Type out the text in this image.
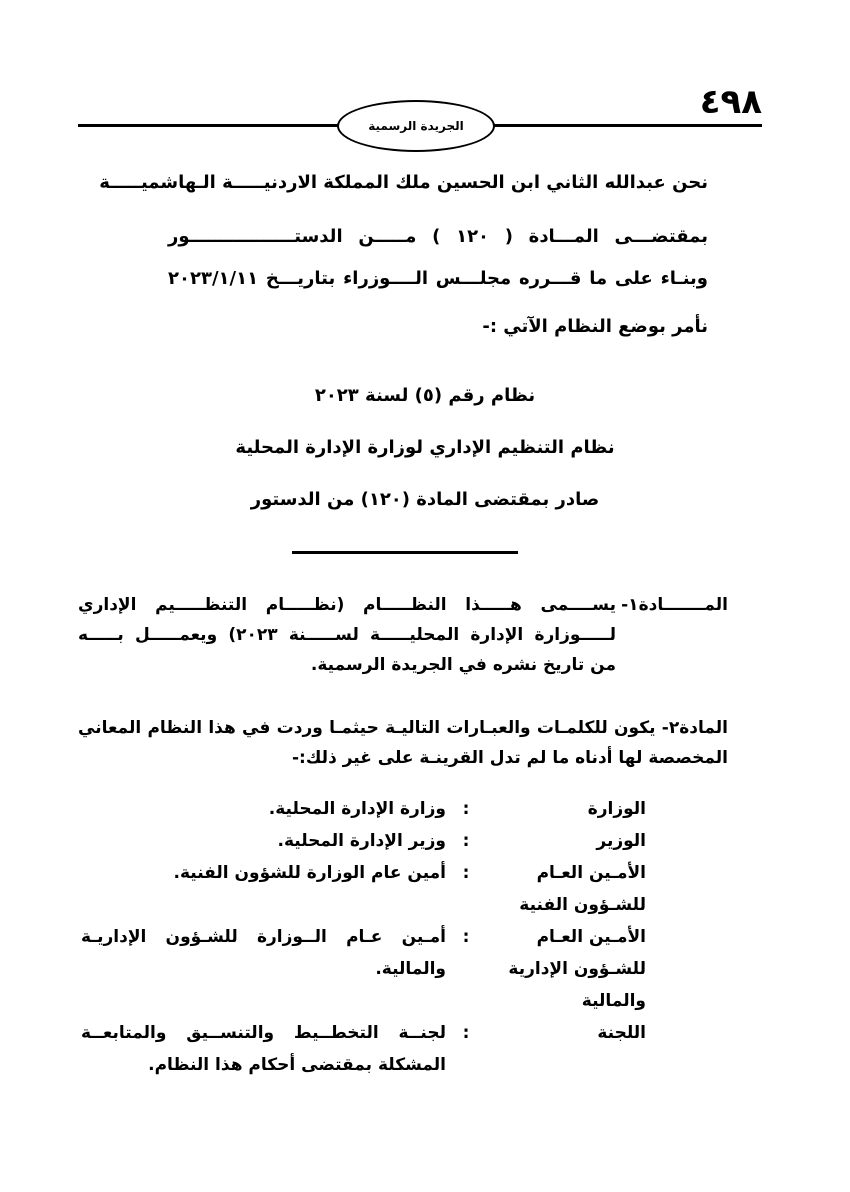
٤٩٨
الجريدة الرسمية
نحن عبدالله الثاني ابن الحسين ملك المملكة الاردنيـــــة الـهاشميـــــة
بمقتضـــى المـــادة ( ١٢٠ ) مـــــن الدستـــــــــــــــــور
وبنـاء على ما قـــرره مجلـــس الــــوزراء بتاريـــخ ٢٠٢٣/١/١١
نأمر بوضع النظام الآتي :-
نظام رقم (٥) لسنة ٢٠٢٣
نظام التنظيم الإداري لوزارة الإدارة المحلية
صادر بمقتضى المادة (١٢٠) من الدستور
المـــــــادة١-
يســــمى هـــــذا النظـــــام (نظـــــام التنظـــــيم الإداري
لـــــوزارة الإدارة المحليـــــة لســـــنة ٢٠٢٣) ويعمـــــل بـــــه
من تاريخ نشره في الجريدة الرسمية.
المادة٢- يكون للكلمـات والعبـارات التاليـة حيثمـا وردت في هذا النظام المعاني
المخصصة لها أدناه ما لم تدل القرينـة على غير ذلك:-
الوزارة	:	وزارة الإدارة المحلية.
الوزير	:	وزير الإدارة المحلية.
الأمـين العـام للشـؤون الفنية	:	أمين عام الوزارة للشؤون الفنية.
الأمـين العـام للشـؤون الإدارية والمالية	:	أمـين عـام الــوزارة للشـؤون الإداريـة والمالية.
اللجنة	:	لجنــة التخطــيط والتنســيق والمتابعــة المشكلة بمقتضى أحكام هذا النظام.
